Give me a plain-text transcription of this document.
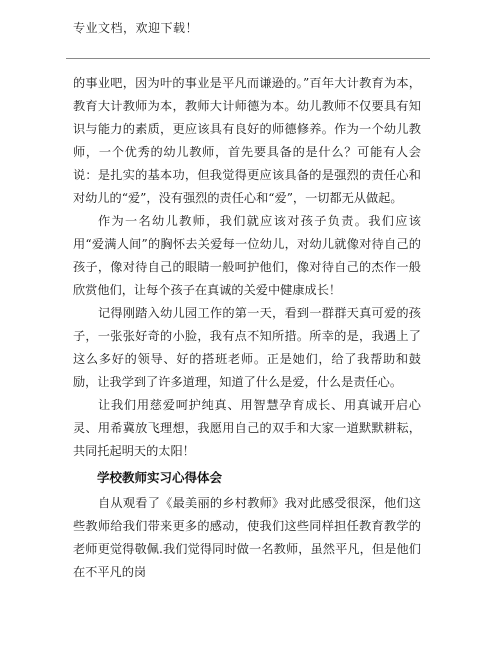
专业文档，欢迎下载！

的事业吧，因为叶的事业是平凡而谦逊的。”百年大计教育为本，教育大计教师为本，教师大计师德为本。幼儿教师不仅要具有知识与能力的素质，更应该具有良好的师德修养。作为一个幼儿教师，一个优秀的幼儿教师，首先要具备的是什么？可能有人会说：是扎实的基本功，但我觉得更应该具备的是强烈的责任心和对幼儿的“爱”，没有强烈的责任心和“爱”，一切都无从做起。

作为一名幼儿教师，我们就应该对孩子负责。我们应该用“爱满人间”的胸怀去关爱每一位幼儿，对幼儿就像对待自己的孩子，像对待自己的眼睛一般呵护他们，像对待自己的杰作一般欣赏他们，让每个孩子在真诚的关爱中健康成长！

记得刚踏入幼儿园工作的第一天，看到一群群天真可爱的孩子，一张张好奇的小脸，我有点不知所措。所幸的是，我遇上了这么多好的领导、好的搭班老师。正是她们，给了我帮助和鼓励，让我学到了许多道理，知道了什么是爱，什么是责任心。

让我们用慈爱呵护纯真、用智慧孕育成长、用真诚开启心灵、用希冀放飞理想，我愿用自己的双手和大家一道默默耕耘，共同托起明天的太阳！

学校教师实习心得体会

自从观看了《最美丽的乡村教师》我对此感受很深，他们这些教师给我们带来更多的感动，使我们这些同样担任教育教学的老师更觉得敬佩.我们觉得同时做一名教师，虽然平凡，但是他们在不平凡的岗
